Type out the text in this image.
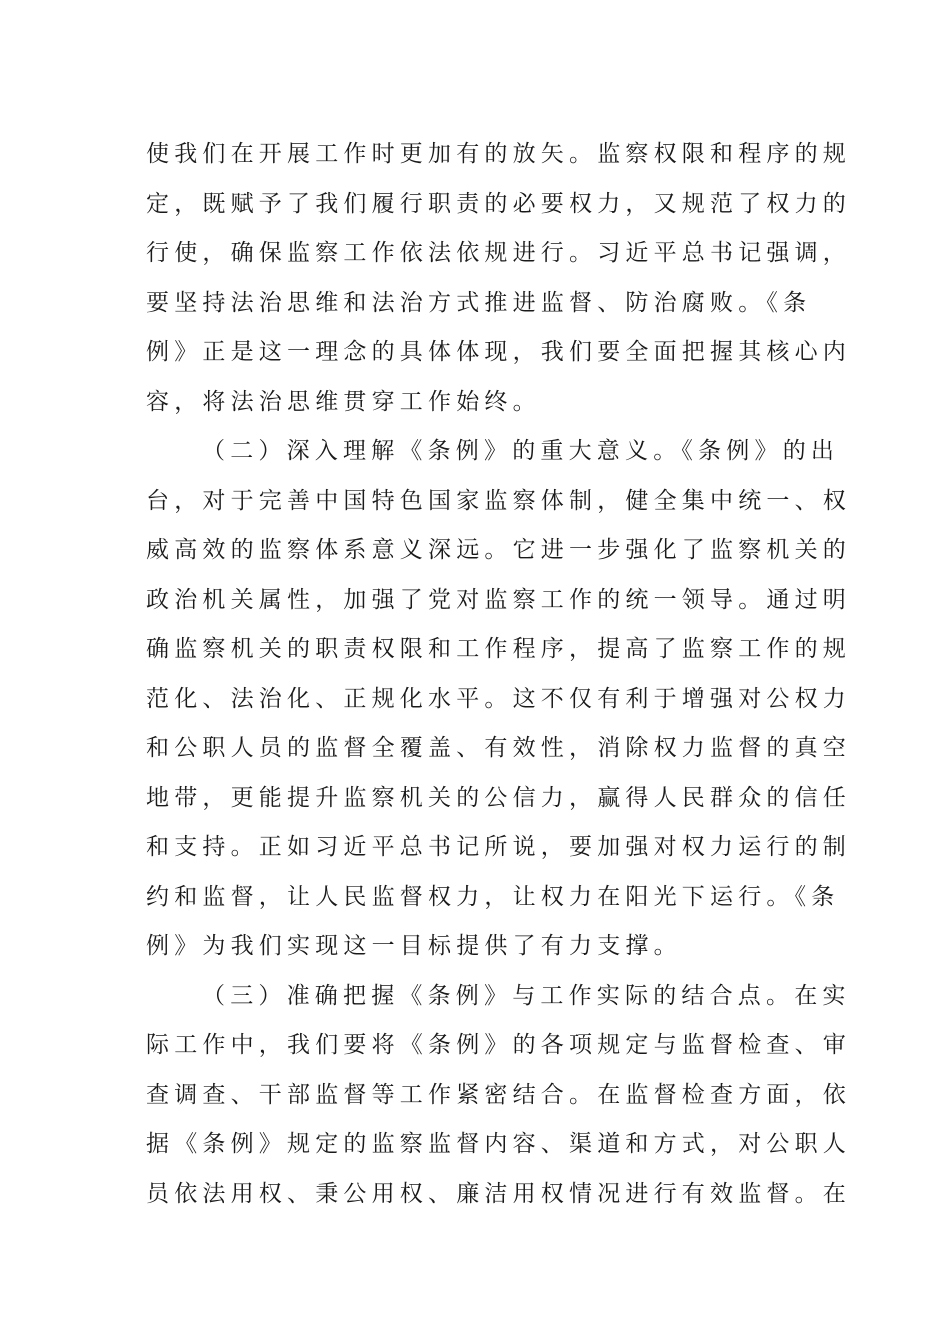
使我们在开展工作时更加有的放矢。监察权限和程序的规
定，既赋予了我们履行职责的必要权力，又规范了权力的
行使，确保监察工作依法依规进行。习近平总书记强调，
要坚持法治思维和法治方式推进监督、防治腐败。《条
例》正是这一理念的具体体现，我们要全面把握其核心内
容，将法治思维贯穿工作始终。
（二）深入理解《条例》的重大意义。《条例》的出
台，对于完善中国特色国家监察体制，健全集中统一、权
威高效的监察体系意义深远。它进一步强化了监察机关的
政治机关属性，加强了党对监察工作的统一领导。通过明
确监察机关的职责权限和工作程序，提高了监察工作的规
范化、法治化、正规化水平。这不仅有利于增强对公权力
和公职人员的监督全覆盖、有效性，消除权力监督的真空
地带，更能提升监察机关的公信力，赢得人民群众的信任
和支持。正如习近平总书记所说，要加强对权力运行的制
约和监督，让人民监督权力，让权力在阳光下运行。《条
例》为我们实现这一目标提供了有力支撑。
（三）准确把握《条例》与工作实际的结合点。在实
际工作中，我们要将《条例》的各项规定与监督检查、审
查调查、干部监督等工作紧密结合。在监督检查方面，依
据《条例》规定的监察监督内容、渠道和方式，对公职人
员依法用权、秉公用权、廉洁用权情况进行有效监督。在
